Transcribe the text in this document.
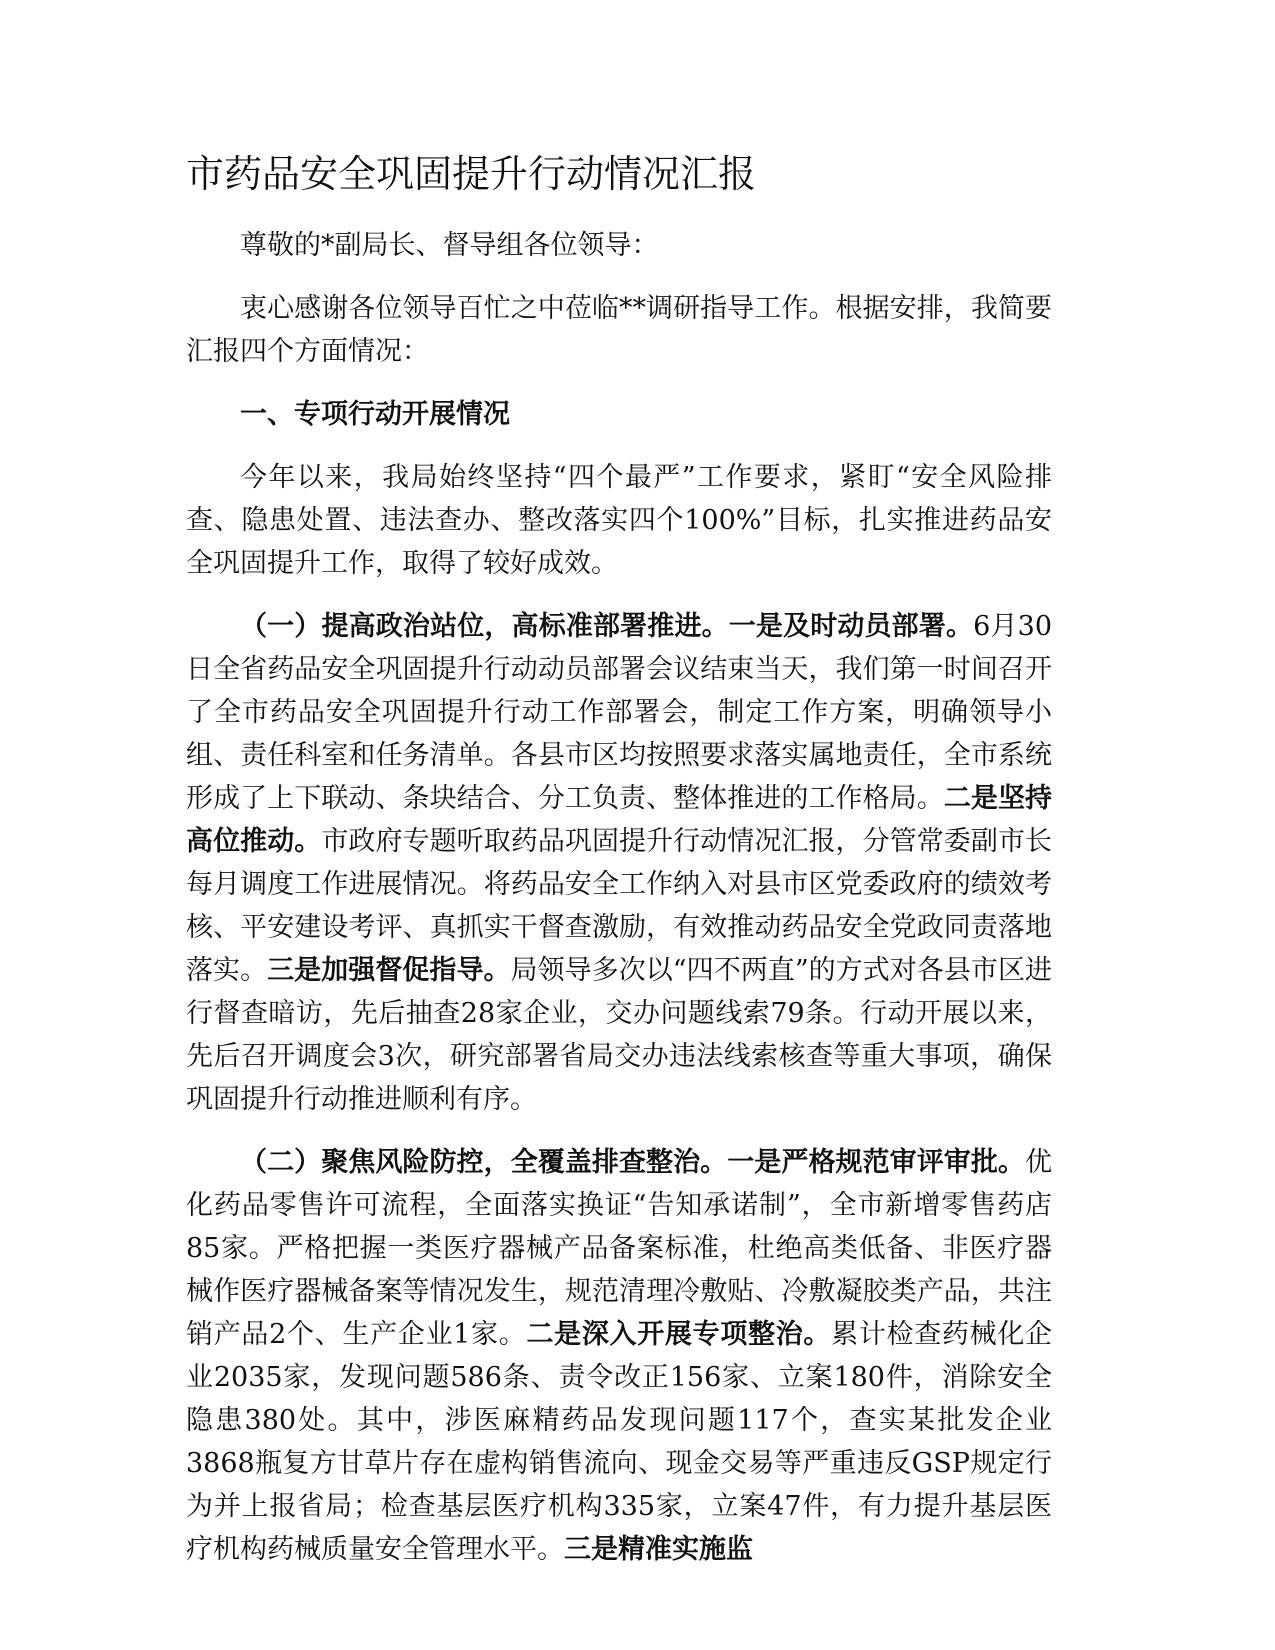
市药品安全巩固提升行动情况汇报

尊敬的*副局长、督导组各位领导：

衷心感谢各位领导百忙之中莅临**调研指导工作。根据安排，我简要汇报四个方面情况：

一、专项行动开展情况

今年以来，我局始终坚持“四个最严”工作要求，紧盯“安全风险排查、隐患处置、违法查办、整改落实四个100%”目标，扎实推进药品安全巩固提升工作，取得了较好成效。

（一）提高政治站位，高标准部署推进。一是及时动员部署。6月30日全省药品安全巩固提升行动动员部署会议结束当天，我们第一时间召开了全市药品安全巩固提升行动工作部署会，制定工作方案，明确领导小组、责任科室和任务清单。各县市区均按照要求落实属地责任，全市系统形成了上下联动、条块结合、分工负责、整体推进的工作格局。二是坚持高位推动。市政府专题听取药品巩固提升行动情况汇报，分管常委副市长每月调度工作进展情况。将药品安全工作纳入对县市区党委政府的绩效考核、平安建设考评、真抓实干督查激励，有效推动药品安全党政同责落地落实。三是加强督促指导。局领导多次以“四不两直”的方式对各县市区进行督查暗访，先后抽查28家企业，交办问题线索79条。行动开展以来，先后召开调度会3次，研究部署省局交办违法线索核查等重大事项，确保巩固提升行动推进顺利有序。

（二）聚焦风险防控，全覆盖排查整治。一是严格规范审评审批。优化药品零售许可流程，全面落实换证“告知承诺制”，全市新增零售药店85家。严格把握一类医疗器械产品备案标准，杜绝高类低备、非医疗器械作医疗器械备案等情况发生，规范清理冷敷贴、冷敷凝胶类产品，共注销产品2个、生产企业1家。二是深入开展专项整治。累计检查药械化企业2035家，发现问题586条、责令改正156家、立案180件，消除安全隐患380处。其中，涉医麻精药品发现问题117个，查实某批发企业3868瓶复方甘草片存在虚构销售流向、现金交易等严重违反GSP规定行为并上报省局；检查基层医疗机构335家，立案47件，有力提升基层医疗机构药械质量安全管理水平。三是精准实施监
